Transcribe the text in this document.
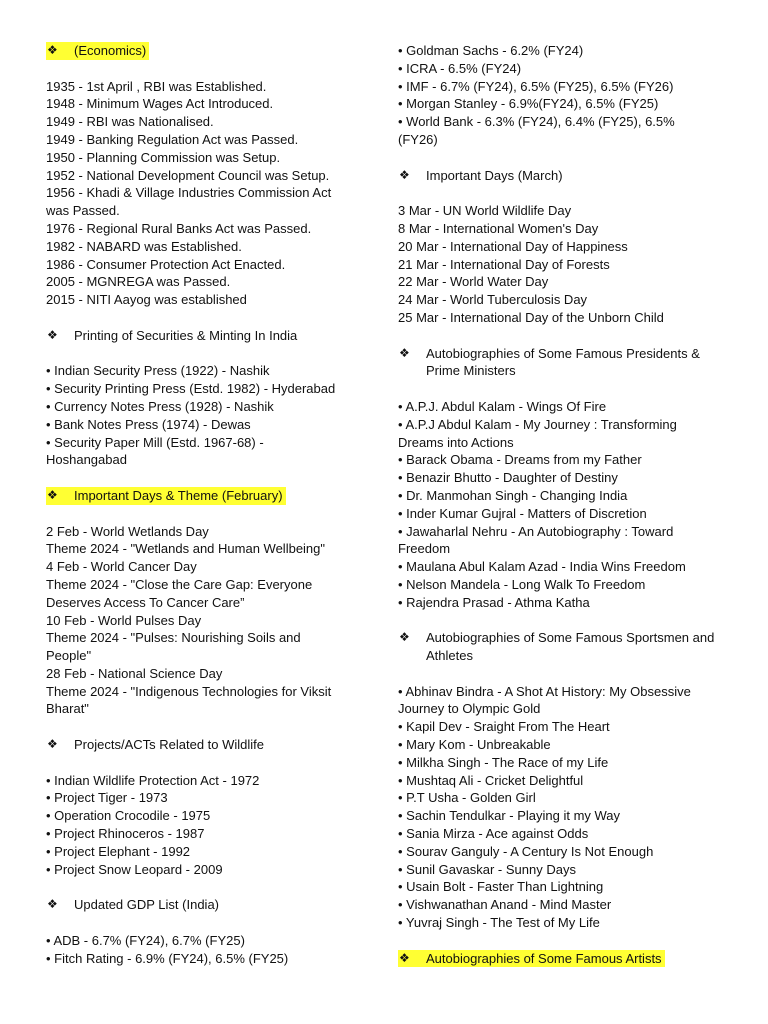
❖	(Economics)
1935 - 1st April , RBI was Established.
1948 - Minimum Wages Act Introduced.
1949 - RBI was Nationalised.
1949 - Banking Regulation Act was Passed.
1950 - Planning Commission was Setup.
1952 - National Development Council was Setup.
1956 - Khadi & Village Industries Commission Act
was Passed.
1976 - Regional Rural Banks Act was Passed.
1982 - NABARD was Established.
1986 - Consumer Protection Act Enacted.
2005 - MGNREGA was Passed.
2015 - NITI Aayog was established
❖	Printing of Securities & Minting In India
• Indian Security Press (1922) - Nashik
• Security Printing Press (Estd. 1982) - Hyderabad
• Currency Notes Press (1928) - Nashik
• Bank Notes Press (1974) - Dewas
• Security Paper Mill (Estd. 1967-68) -
Hoshangabad
❖	Important Days & Theme (February)
2 Feb - World Wetlands Day
Theme 2024 - "Wetlands and Human Wellbeing"
4 Feb - World Cancer Day
Theme 2024 - "Close the Care Gap: Everyone
Deserves Access To Cancer Care”
10 Feb - World Pulses Day
Theme 2024 - "Pulses: Nourishing Soils and
People"
28 Feb - National Science Day
Theme 2024 - "Indigenous Technologies for Viksit
Bharat"
❖	Projects/ACTs Related to Wildlife
• Indian Wildlife Protection Act - 1972
• Project Tiger - 1973
• Operation Crocodile - 1975
• Project Rhinoceros - 1987
• Project Elephant - 1992
• Project Snow Leopard - 2009
❖	Updated GDP List (India)
• ADB - 6.7% (FY24), 6.7% (FY25)
• Fitch Rating - 6.9% (FY24), 6.5% (FY25)
• Goldman Sachs - 6.2% (FY24)
• ICRA - 6.5% (FY24)
• IMF - 6.7% (FY24), 6.5% (FY25), 6.5% (FY26)
• Morgan Stanley - 6.9%(FY24), 6.5% (FY25)
• World Bank - 6.3% (FY24), 6.4% (FY25), 6.5%
(FY26)
❖	Important Days (March)
3 Mar - UN World Wildlife Day
8 Mar - International Women's Day
20 Mar - International Day of Happiness
21 Mar - International Day of Forests
22 Mar - World Water Day
24 Mar - World Tuberculosis Day
25 Mar - International Day of the Unborn Child
❖	Autobiographies of Some Famous Presidents & Prime Ministers
• A.P.J. Abdul Kalam - Wings Of Fire
• A.P.J Abdul Kalam - My Journey : Transforming
Dreams into Actions
• Barack Obama - Dreams from my Father
• Benazir Bhutto - Daughter of Destiny
• Dr. Manmohan Singh - Changing India
• Inder Kumar Gujral - Matters of Discretion
• Jawaharlal Nehru - An Autobiography : Toward
Freedom
• Maulana Abul Kalam Azad - India Wins Freedom
• Nelson Mandela - Long Walk To Freedom
• Rajendra Prasad - Athma Katha
❖	Autobiographies of Some Famous Sportsmen and Athletes
• Abhinav Bindra - A Shot At History: My Obsessive
Journey to Olympic Gold
• Kapil Dev - Sraight From The Heart
• Mary Kom - Unbreakable
• Milkha Singh - The Race of my Life
• Mushtaq Ali - Cricket Delightful
• P.T Usha - Golden Girl
• Sachin Tendulkar - Playing it my Way
• Sania Mirza - Ace against Odds
• Sourav Ganguly - A Century Is Not Enough
• Sunil Gavaskar - Sunny Days
• Usain Bolt - Faster Than Lightning
• Vishwanathan Anand - Mind Master
• Yuvraj Singh - The Test of My Life
❖	Autobiographies of Some Famous Artists
